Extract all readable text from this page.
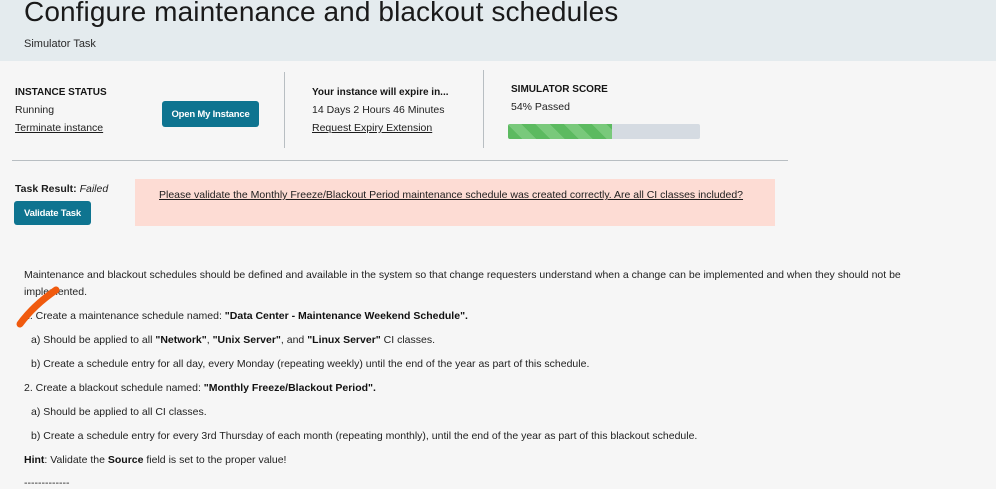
Configure maintenance and blackout schedules
Simulator Task
INSTANCE STATUS
Running
Terminate instance
Open My Instance
Your instance will expire in...
14 Days 2 Hours 46 Minutes
Request Expiry Extension
SIMULATOR SCORE
54% Passed
Task Result: Failed
Validate Task
Please validate the Monthly Freeze/Blackout Period maintenance schedule was created correctly. Are all CI classes included?
Maintenance and blackout schedules should be defined and available in the system so that change requesters understand when a change can be implemented and when they should not be
implemented.
1. Create a maintenance schedule named: "Data Center - Maintenance Weekend Schedule".
a) Should be applied to all "Network", "Unix Server", and "Linux Server" CI classes.
b) Create a schedule entry for all day, every Monday (repeating weekly) until the end of the year as part of this schedule.
2. Create a blackout schedule named: "Monthly Freeze/Blackout Period".
a) Should be applied to all CI classes.
b) Create a schedule entry for every 3rd Thursday of each month (repeating monthly), until the end of the year as part of this blackout schedule.
Hint: Validate the Source field is set to the proper value!
-------------
